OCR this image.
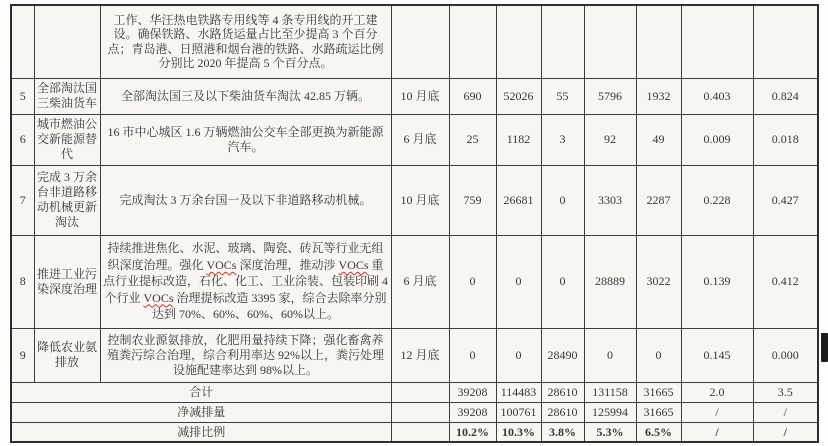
		工作、华汪热电铁路专用线等 4 条专用线的开工建设。确保铁路、水路货运量占比至少提高 3 个百分点；青岛港、日照港和烟台港的铁路、水路疏运比例分别比 2020 年提高 5 个百分点。								
5	全部淘汰国三柴油货车	全部淘汰国三及以下柴油货车淘汰 42.85 万辆。	10 月底	690	52026	55	5796	1932	0.403	0.824
6	城市燃油公交新能源替代	16 市中心城区 1.6 万辆燃油公交车全部更换为新能源汽车。	6 月底	25	1182	3	92	49	0.009	0.018
7	完成 3 万余台非道路移动机械更新淘汰	完成淘汰 3 万余台国一及以下非道路移动机械。	10 月底	759	26681	0	3303	2287	0.228	0.427
8	推进工业污染深度治理	持续推进焦化、水泥、玻璃、陶瓷、砖瓦等行业无组织深度治理。强化 VOCs 深度治理，推动涉 VOCs 重点行业提标改造，石化、化工、工业涂装、包装印刷 4 个行业 VOCs 治理提标改造 3395 家，综合去除率分别达到 70%、60%、60%、60%以上。	6 月底	0	0	0	28889	3022	0.139	0.412
9	降低农业氨排放	控制农业源氨排放，化肥用量持续下降；强化畜禽养殖粪污综合治理，综合利用率达 92%以上，粪污处理设施配建率达到 98%以上。	12 月底	0	0	28490	0	0	0.145	0.000
合计				39208	114483	28610	131158	31665	2.0	3.5
净减排量				39208	100761	28610	125994	31665	/	/
减排比例				10.2%	10.3%	3.8%	5.3%	6.5%	/	/
